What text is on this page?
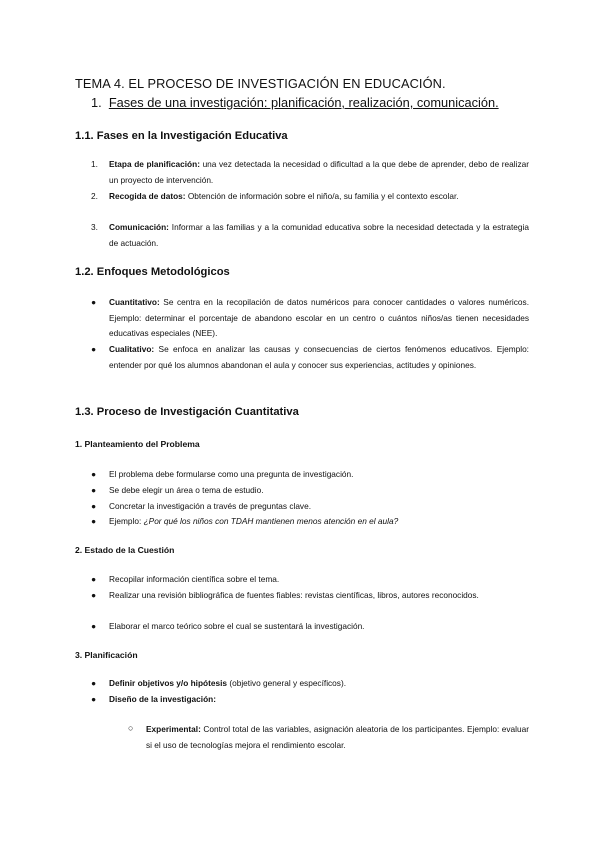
TEMA 4. EL PROCESO DE INVESTIGACIÓN EN EDUCACIÓN.
1. Fases de una investigación: planificación, realización, comunicación.
1.1. Fases en la Investigación Educativa
1. Etapa de planificación: una vez detectada la necesidad o dificultad a la que debe de aprender, debo de realizar un proyecto de intervención.
2. Recogida de datos: Obtención de información sobre el niño/a, su familia y el contexto escolar.
3. Comunicación: Informar a las familias y a la comunidad educativa sobre la necesidad detectada y la estrategia de actuación.
1.2. Enfoques Metodológicos
● Cuantitativo: Se centra en la recopilación de datos numéricos para conocer cantidades o valores numéricos. Ejemplo: determinar el porcentaje de abandono escolar en un centro o cuántos niños/as tienen necesidades educativas especiales (NEE).
● Cualitativo: Se enfoca en analizar las causas y consecuencias de ciertos fenómenos educativos. Ejemplo: entender por qué los alumnos abandonan el aula y conocer sus experiencias, actitudes y opiniones.
1.3. Proceso de Investigación Cuantitativa
1. Planteamiento del Problema
● El problema debe formularse como una pregunta de investigación.
● Se debe elegir un área o tema de estudio.
● Concretar la investigación a través de preguntas clave.
● Ejemplo: ¿Por qué los niños con TDAH mantienen menos atención en el aula?
2. Estado de la Cuestión
● Recopilar información científica sobre el tema.
● Realizar una revisión bibliográfica de fuentes fiables: revistas científicas, libros, autores reconocidos.
● Elaborar el marco teórico sobre el cual se sustentará la investigación.
3. Planificación
● Definir objetivos y/o hipótesis (objetivo general y específicos).
● Diseño de la investigación:
○ Experimental: Control total de las variables, asignación aleatoria de los participantes. Ejemplo: evaluar si el uso de tecnologías mejora el rendimiento escolar.
